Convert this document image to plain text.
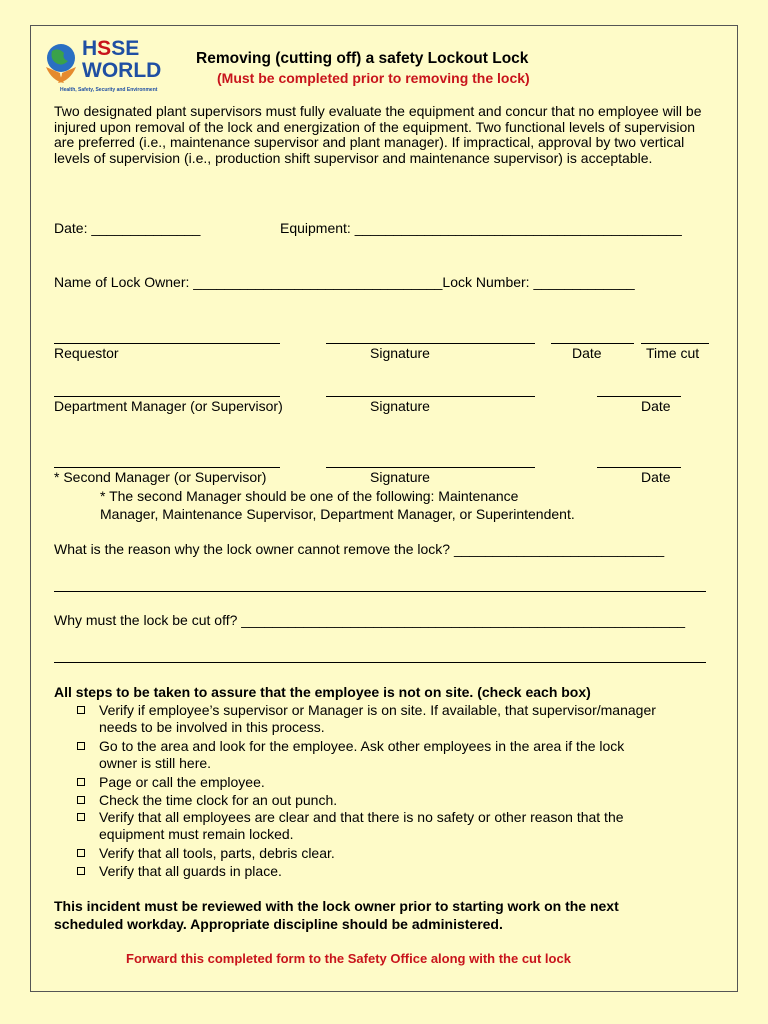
HSSE
WORLD
Health, Safety, Security and Environment
Removing (cutting off) a safety Lockout Lock
(Must be completed prior to removing the lock)
Two designated plant supervisors must fully evaluate the equipment and concur that no employee will be injured upon removal of the lock and energization of the equipment. Two functional levels of supervision are preferred (i.e., maintenance supervisor and plant manager). If impractical, approval by two vertical levels of supervision (i.e., production shift supervisor and maintenance supervisor) is acceptable.
Date: ______________	Equipment: __________________________________________
Name of Lock Owner: ________________________________Lock Number: _____________
Requestor	Signature	Date	Time cut
Department Manager (or Supervisor)	Signature	Date
* Second Manager (or Supervisor)	Signature	Date
* The second Manager should be one of the following: Maintenance
Manager, Maintenance Supervisor, Department Manager, or Superintendent.
What is the reason why the lock owner cannot remove the lock? ___________________________
Why must the lock be cut off? _________________________________________________________
All steps to be taken to assure that the employee is not on site. (check each box)
Verify if employee’s supervisor or Manager is on site. If available, that supervisor/manager
needs to be involved in this process.
Go to the area and look for the employee. Ask other employees in the area if the lock
owner is still here.
Page or call the employee.
Check the time clock for an out punch.
Verify that all employees are clear and that there is no safety or other reason that the
equipment must remain locked.
Verify that all tools, parts, debris clear.
Verify that all guards in place.
This incident must be reviewed with the lock owner prior to starting work on the next
scheduled workday. Appropriate discipline should be administered.
Forward this completed form to the Safety Office along with the cut lock
